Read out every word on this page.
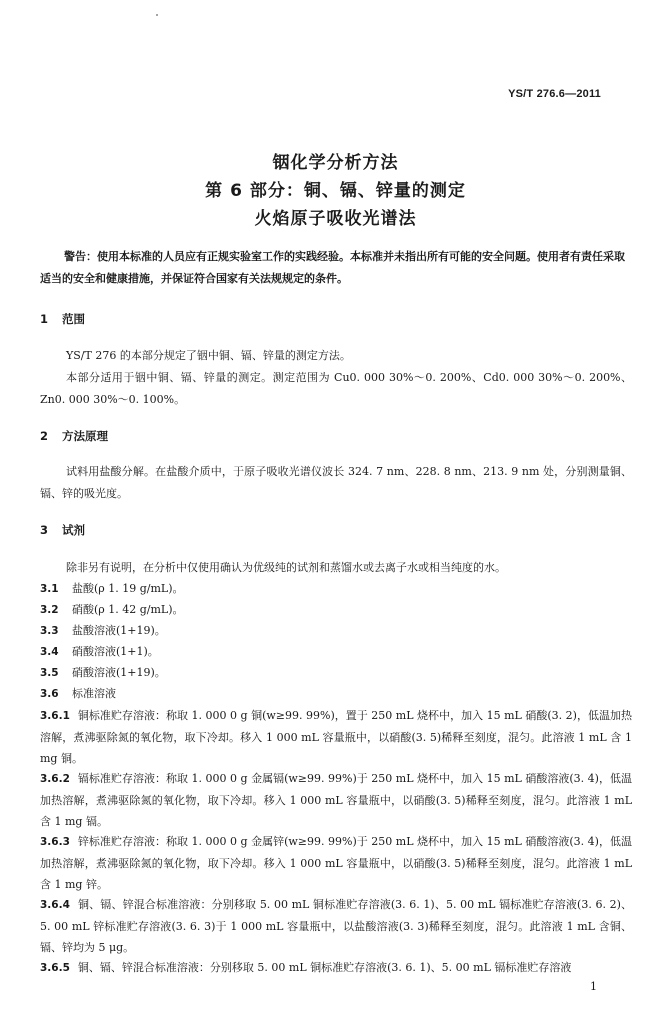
YS/T 276.6—2011
铟化学分析方法
第 6 部分：铜、镉、锌量的测定
火焰原子吸收光谱法
警告：使用本标准的人员应有正规实验室工作的实践经验。本标准并未指出所有可能的安全问题。使用者有责任采取适当的安全和健康措施，并保证符合国家有关法规规定的条件。
1 范围
YS/T 276 的本部分规定了铟中铜、镉、锌量的测定方法。
本部分适用于铟中铜、镉、锌量的测定。测定范围为 Cu0. 000 30%～0. 200%、Cd0. 000 30%～0. 200%、Zn0. 000 30%～0. 100%。
2 方法原理
试料用盐酸分解。在盐酸介质中，于原子吸收光谱仪波长 324. 7 nm、228. 8 nm、213. 9 nm 处，分别测量铜、镉、锌的吸光度。
3 试剂
除非另有说明，在分析中仅使用确认为优级纯的试剂和蒸馏水或去离子水或相当纯度的水。
3.1 盐酸(ρ 1. 19 g/mL)。
3.2 硝酸(ρ 1. 42 g/mL)。
3.3 盐酸溶液(1+19)。
3.4 硝酸溶液(1+1)。
3.5 硝酸溶液(1+19)。
3.6 标准溶液
3.6.1 铜标准贮存溶液：称取 1. 000 0 g 铜(w≥99. 99%)，置于 250 mL 烧杯中，加入 15 mL 硝酸(3. 2)，低温加热溶解，煮沸驱除氮的氧化物，取下冷却。移入 1 000 mL 容量瓶中，以硝酸(3. 5)稀释至刻度，混匀。此溶液 1 mL 含 1 mg 铜。
3.6.2 镉标准贮存溶液：称取 1. 000 0 g 金属镉(w≥99. 99%)于 250 mL 烧杯中，加入 15 mL 硝酸溶液(3. 4)，低温加热溶解，煮沸驱除氮的氧化物，取下冷却。移入 1 000 mL 容量瓶中，以硝酸(3. 5)稀释至刻度，混匀。此溶液 1 mL 含 1 mg 镉。
3.6.3 锌标准贮存溶液：称取 1. 000 0 g 金属锌(w≥99. 99%)于 250 mL 烧杯中，加入 15 mL 硝酸溶液(3. 4)，低温加热溶解，煮沸驱除氮的氧化物，取下冷却。移入 1 000 mL 容量瓶中，以硝酸(3. 5)稀释至刻度，混匀。此溶液 1 mL 含 1 mg 锌。
3.6.4 铜、镉、锌混合标准溶液：分别移取 5. 00 mL 铜标准贮存溶液(3. 6. 1)、5. 00 mL 镉标准贮存溶液(3. 6. 2)、5. 00 mL 锌标准贮存溶液(3. 6. 3)于 1 000 mL 容量瓶中，以盐酸溶液(3. 3)稀释至刻度，混匀。此溶液 1 mL 含铜、镉、锌均为 5 μg。
3.6.5 铜、镉、锌混合标准溶液：分别移取 5. 00 mL 铜标准贮存溶液(3. 6. 1)、5. 00 mL 镉标准贮存溶液
1
